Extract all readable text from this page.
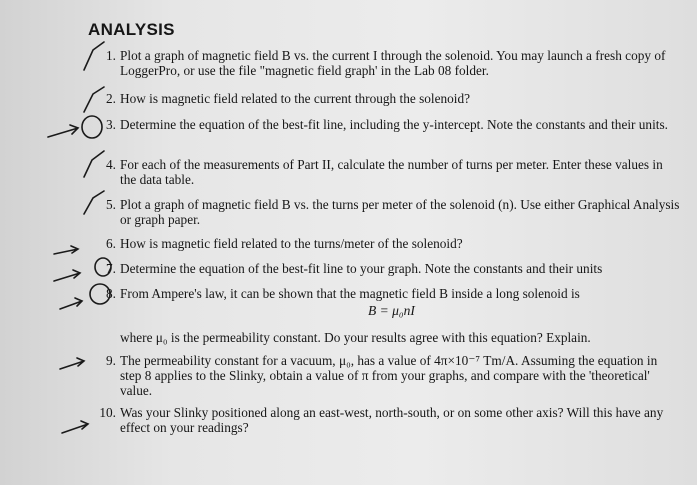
ANALYSIS
1. Plot a graph of magnetic field B vs. the current I through the solenoid. You may launch a fresh copy of LoggerPro, or use the file "magnetic field graph' in the Lab 08 folder.
2. How is magnetic field related to the current through the solenoid?
3. Determine the equation of the best-fit line, including the y-intercept. Note the constants and their units.
4. For each of the measurements of Part II, calculate the number of turns per meter. Enter these values in the data table.
5. Plot a graph of magnetic field B vs. the turns per meter of the solenoid (n). Use either Graphical Analysis or graph paper.
6. How is magnetic field related to the turns/meter of the solenoid?
7. Determine the equation of the best-fit line to your graph. Note the constants and their units
8. From Ampere's law, it can be shown that the magnetic field B inside a long solenoid is
B = μ₀nI
where μ₀ is the permeability constant. Do your results agree with this equation? Explain.
9. The permeability constant for a vacuum, μ₀, has a value of 4π×10⁻⁷ Tm/A. Assuming the equation in step 8 applies to the Slinky, obtain a value of π from your graphs, and compare with the 'theoretical' value.
10. Was your Slinky positioned along an east-west, north-south, or on some other axis? Will this have any effect on your readings?
